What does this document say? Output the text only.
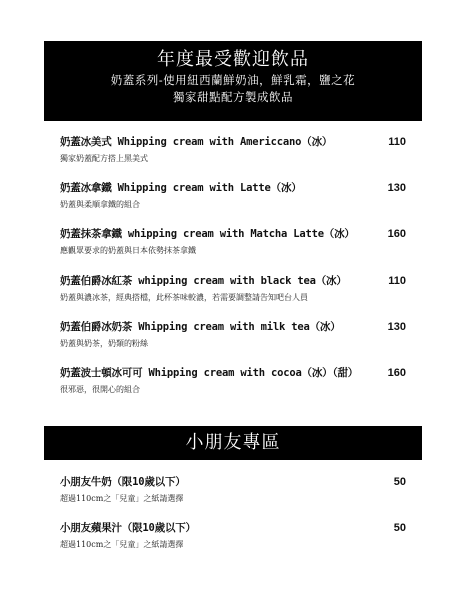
年度最受歡迎飲品
奶蓋系列-使用紐西蘭鮮奶油，鮮乳霜，鹽之花
獨家甜點配方製成飲品
奶蓋冰美式 Whipping cream with Americcano（冰）
獨家奶蓋配方搭上黑美式
110
奶蓋冰拿鐵 Whipping cream with Latte（冰）
奶蓋與柔順拿鐵的組合
130
奶蓋抹茶拿鐵 whipping cream with Matcha Latte（冰）
應觀眾要求的奶蓋與日本依勢抹茶拿鐵
160
奶蓋伯爵冰紅茶 whipping cream with black tea（冰）
奶蓋與濃冰茶，經典搭檔，此杯茶味較濃，若需要調整請告知吧台人員
110
奶蓋伯爵冰奶茶 Whipping cream with milk tea（冰）
奶蓋與奶茶，奶類的粉絲
130
奶蓋波士頓冰可可 Whipping cream with cocoa（冰）（甜）
很邪惡，很開心的組合
160
小朋友專區
小朋友牛奶（限10歲以下）
超過110cm之「兒童」之紙請選擇
50
小朋友蘋果汁（限10歲以下）
超過110cm之「兒童」之紙請選擇
50
